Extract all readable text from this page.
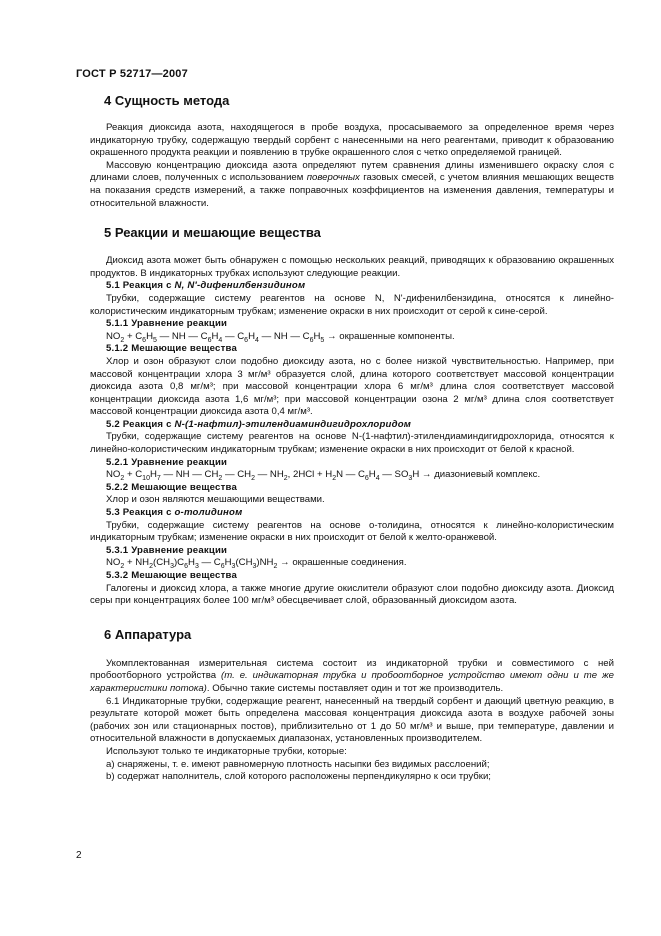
ГОСТ Р 52717—2007
4 Сущность метода

Реакция диоксида азота, находящегося в пробе воздуха, просасываемого за определенное время через индикаторную трубку, содержащую твердый сорбент с нанесенными на него реагентами, приводит к образованию окрашенного продукта реакции и появлению в трубке окрашенного слоя с четко определяемой границей.

Массовую концентрацию диоксида азота определяют путем сравнения длины изменившего окраску слоя с длинами слоев, полученных с использованием поверочных газовых смесей, с учетом влияния мешающих веществ на показания средств измерений, а также поправочных коэффициентов на изменения давления, температуры и относительной влажности.

5 Реакции и мешающие вещества

Диоксид азота может быть обнаружен с помощью нескольких реакций, приводящих к образованию окрашенных продуктов. В индикаторных трубках используют следующие реакции.

5.1 Реакция с N, N'-дифенилбензидином

Трубки, содержащие систему реагентов на основе N, N'-дифенилбензидина, относятся к линейно-колористическим индикаторным трубкам; изменение окраски в них происходит от серой к сине-серой.

5.1.1 Уравнение реакции

$NO_2 + C_6H_5$ — NH — $C_6H_4$ — $C_6H_4$ — NH — $C_6H_5$ → окрашенные компоненты.

5.1.2 Мешающие вещества

Хлор и озон образуют слои подобно диоксиду азота, но с более низкой чувствительностью. Например, при массовой концентрации хлора 3 мг/м³ образуется слой, длина которого соответствует массовой концентрации диоксида азота 0,8 мг/м³; при массовой концентрации хлора 6 мг/м³ длина слоя соответствует массовой концентрации диоксида азота 1,6 мг/м³; при массовой концентрации озона 2 мг/м³ длина слоя соответствует массовой концентрации диоксида азота 0,4 мг/м³.

5.2 Реакция с N-(1-нафтил)-этилендиаминдигидрохлоридом

Трубки, содержащие систему реагентов на основе N-(1-нафтил)-этилендиаминдигидрохлорида, относятся к линейно-колористическим индикаторным трубкам; изменение окраски в них происходит от белой к красной.

5.2.1 Уравнение реакции

$NO_2 + C_{10}H_7$ — NH — $CH_2$ — $CH_2$ — $NH_2$, $2HCl + H_2N$ — $C_6H_4$ — $SO_3H$ → диазониевый комплекс.

5.2.2 Мешающие вещества

Хлор и озон являются мешающими веществами.

5.3 Реакция с о-толидином

Трубки, содержащие систему реагентов на основе о-толидина, относятся к линейно-колористическим индикаторным трубкам; изменение окраски в них происходит от белой к желто-оранжевой.

5.3.1 Уравнение реакции

$NO_2 + NH_2(CH_3)C_6H_3$ — $C_6H_3(CH_3)NH_2$ → окрашенные соединения.

5.3.2 Мешающие вещества

Галогены и диоксид хлора, а также многие другие окислители образуют слои подобно диоксиду азота. Диоксид серы при концентрациях более 100 мг/м³ обесцвечивает слой, образованный диоксидом азота.

6 Аппаратура

Укомплектованная измерительная система состоит из индикаторной трубки и совместимого с ней пробоотборного устройства (т. е. индикаторная трубка и пробоотборное устройство имеют одни и те же характеристики потока). Обычно такие системы поставляет один и тот же производитель.

6.1 Индикаторные трубки, содержащие реагент, нанесенный на твердый сорбент и дающий цветную реакцию, в результате которой может быть определена массовая концентрация диоксида азота в воздухе рабочей зоны (рабочих зон или стационарных постов), приблизительно от 1 до 50 мг/м³ и выше, при температуре, давлении и относительной влажности в допускаемых диапазонах, установленных производителем.

Используют только те индикаторные трубки, которые:

a) снаряжены, т. е. имеют равномерную плотность насыпки без видимых расслоений;
b) содержат наполнитель, слой которого расположены перпендикулярно к оси трубки;
2
